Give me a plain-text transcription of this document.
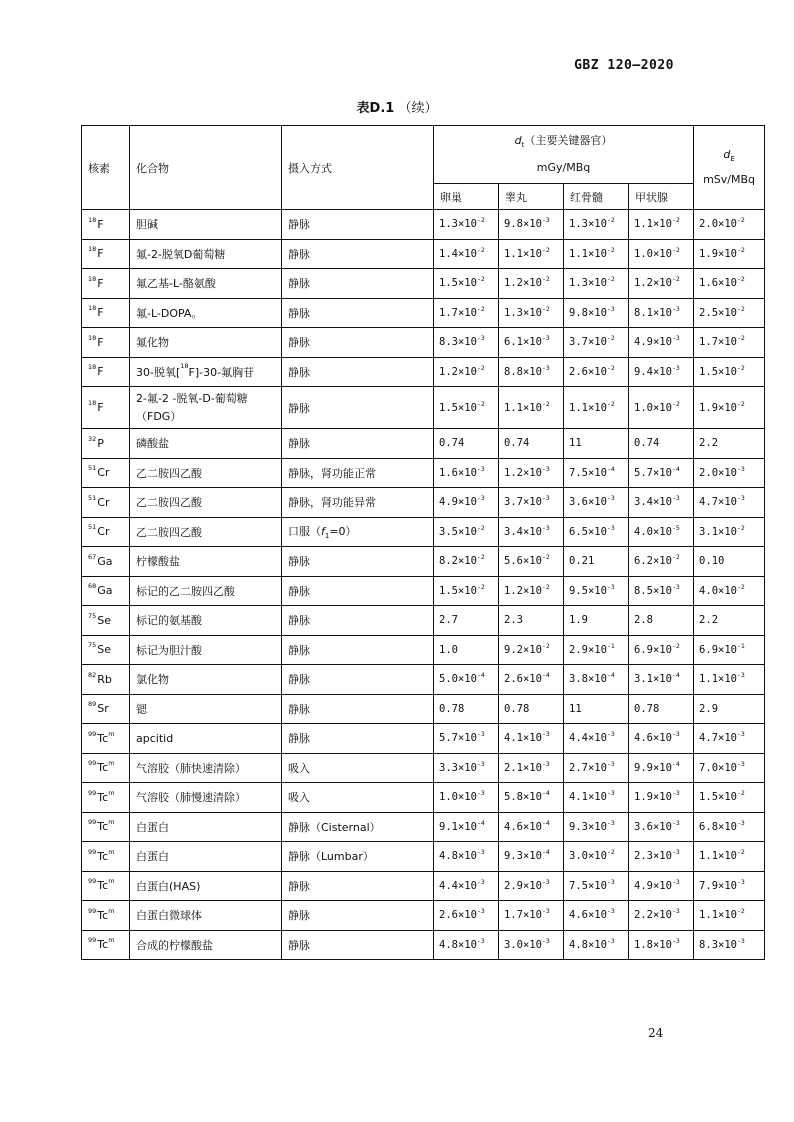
GBZ 120—2020
表D.1 （续）
核素	化合物	摄入方式	$d_t$（主要关键器官）
mGy/MBq				$d_E$
mSv/MBq
			卵巢	睾丸	红骨髓	甲状腺	
$^{18}$F	胆碱	静脉	$1.3\times 10^{-2}$	$9.8\times 10^{-3}$	$1.3\times 10^{-2}$	$1.1\times 10^{-2}$	$2.0\times 10^{-2}$
$^{18}$F	氟-2-脱氧D葡萄糖	静脉	$1.4\times 10^{-2}$	$1.1\times 10^{-2}$	$1.1\times 10^{-2}$	$1.0\times 10^{-2}$	$1.9\times 10^{-2}$
$^{18}$F	氟乙基-L-酪氨酸	静脉	$1.5\times 10^{-2}$	$1.2\times 10^{-2}$	$1.3\times 10^{-2}$	$1.2\times 10^{-2}$	$1.6\times 10^{-2}$
$^{18}$F	氟-L-DOPA。	静脉	$1.7\times 10^{-2}$	$1.3\times 10^{-2}$	$9.8\times 10^{-3}$	$8.1\times 10^{-3}$	$2.5\times 10^{-2}$
$^{18}$F	氟化物	静脉	$8.3\times 10^{-3}$	$6.1\times 10^{-3}$	$3.7\times 10^{-2}$	$4.9\times 10^{-3}$	$1.7\times 10^{-2}$
$^{18}$F	30-脱氧[$^{18}$F]-30-氟胸苷	静脉	$1.2\times 10^{-2}$	$8.8\times 10^{-3}$	$2.6\times 10^{-2}$	$9.4\times 10^{-3}$	$1.5\times 10^{-2}$
$^{18}$F	2-氟-2 -脱氧-D-葡萄糖（FDG）	静脉	$1.5\times 10^{-2}$	$1.1\times 10^{-2}$	$1.1\times 10^{-2}$	$1.0\times 10^{-2}$	$1.9\times 10^{-2}$
$^{32}$P	磷酸盐	静脉	0.74	0.74	11	0.74	2.2
$^{51}$Cr	乙二胺四乙酸	静脉，肾功能正常	$1.6\times 10^{-3}$	$1.2\times 10^{-3}$	$7.5\times 10^{-4}$	$5.7\times 10^{-4}$	$2.0\times 10^{-3}$
$^{51}$Cr	乙二胺四乙酸	静脉，肾功能异常	$4.9\times 10^{-3}$	$3.7\times 10^{-3}$	$3.6\times 10^{-3}$	$3.4\times 10^{-3}$	$4.7\times 10^{-3}$
$^{51}$Cr	乙二胺四乙酸	口服$(f_1=0)$	$3.5\times 10^{-2}$	$3.4\times 10^{-3}$	$6.5\times 10^{-3}$	$4.0\times 10^{-5}$	$3.1\times 10^{-2}$
$^{67}$Ga	柠檬酸盐	静脉	$8.2\times 10^{-2}$	$5.6\times 10^{-2}$	0.21	$6.2\times 10^{-2}$	0.10
$^{68}$Ga	标记的乙二胺四乙酸	静脉	$1.5\times 10^{-2}$	$1.2\times 10^{-2}$	$9.5\times 10^{-3}$	$8.5\times 10^{-3}$	$4.0\times 10^{-2}$
$^{75}$Se	标记的氨基酸	静脉	2.7	2.3	1.9	2.8	2.2
$^{75}$Se	标记为胆汁酸	静脉	1.0	$9.2\times 10^{-2}$	$2.9\times 10^{-1}$	$6.9\times 10^{-2}$	$6.9\times 10^{-1}$
$^{82}$Rb	氯化物	静脉	$5.0\times 10^{-4}$	$2.6\times 10^{-4}$	$3.8\times 10^{-4}$	$3.1\times 10^{-4}$	$1.1\times 10^{-3}$
$^{89}$Sr	锶	静脉	0.78	0.78	11	0.78	2.9
$^{99}$Tc$^m$	apcitid	静脉	$5.7\times 10^{-3}$	$4.1\times 10^{-3}$	$4.4\times 10^{-3}$	$4.6\times 10^{-3}$	$4.7\times 10^{-3}$
$^{99}$Tc$^m$	气溶胶（肺快速清除）	吸入	$3.3\times 10^{-3}$	$2.1\times 10^{-3}$	$2.7\times 10^{-3}$	$9.9\times 10^{-4}$	$7.0\times 10^{-3}$
$^{99}$Tc$^m$	气溶胶（肺慢速清除）	吸入	$1.0\times 10^{-3}$	$5.8\times 10^{-4}$	$4.1\times 10^{-3}$	$1.9\times 10^{-3}$	$1.5\times 10^{-2}$
$^{99}$Tc$^m$	白蛋白	静脉（Cisternal）	$9.1\times 10^{-4}$	$4.6\times 10^{-4}$	$9.3\times 10^{-3}$	$3.6\times 10^{-3}$	$6.8\times 10^{-3}$
$^{99}$Tc$^m$	白蛋白	静脉（Lumbar）	$4.8\times 10^{-3}$	$9.3\times 10^{-4}$	$3.0\times 10^{-2}$	$2.3\times 10^{-3}$	$1.1\times 10^{-2}$
$^{99}$Tc$^m$	白蛋白(HAS)	静脉	$4.4\times 10^{-3}$	$2.9\times 10^{-3}$	$7.5\times 10^{-3}$	$4.9\times 10^{-3}$	$7.9\times 10^{-3}$
$^{99}$Tc$^m$	白蛋白微球体	静脉	$2.6\times 10^{-3}$	$1.7\times 10^{-3}$	$4.6\times 10^{-3}$	$2.2\times 10^{-3}$	$1.1\times 10^{-2}$
$^{99}$Tc$^m$	合成的柠檬酸盐	静脉	$4.8\times 10^{-3}$	$3.0\times 10^{-3}$	$4.8\times 10^{-3}$	$1.8\times 10^{-3}$	$8.3\times 10^{-3}$
24
